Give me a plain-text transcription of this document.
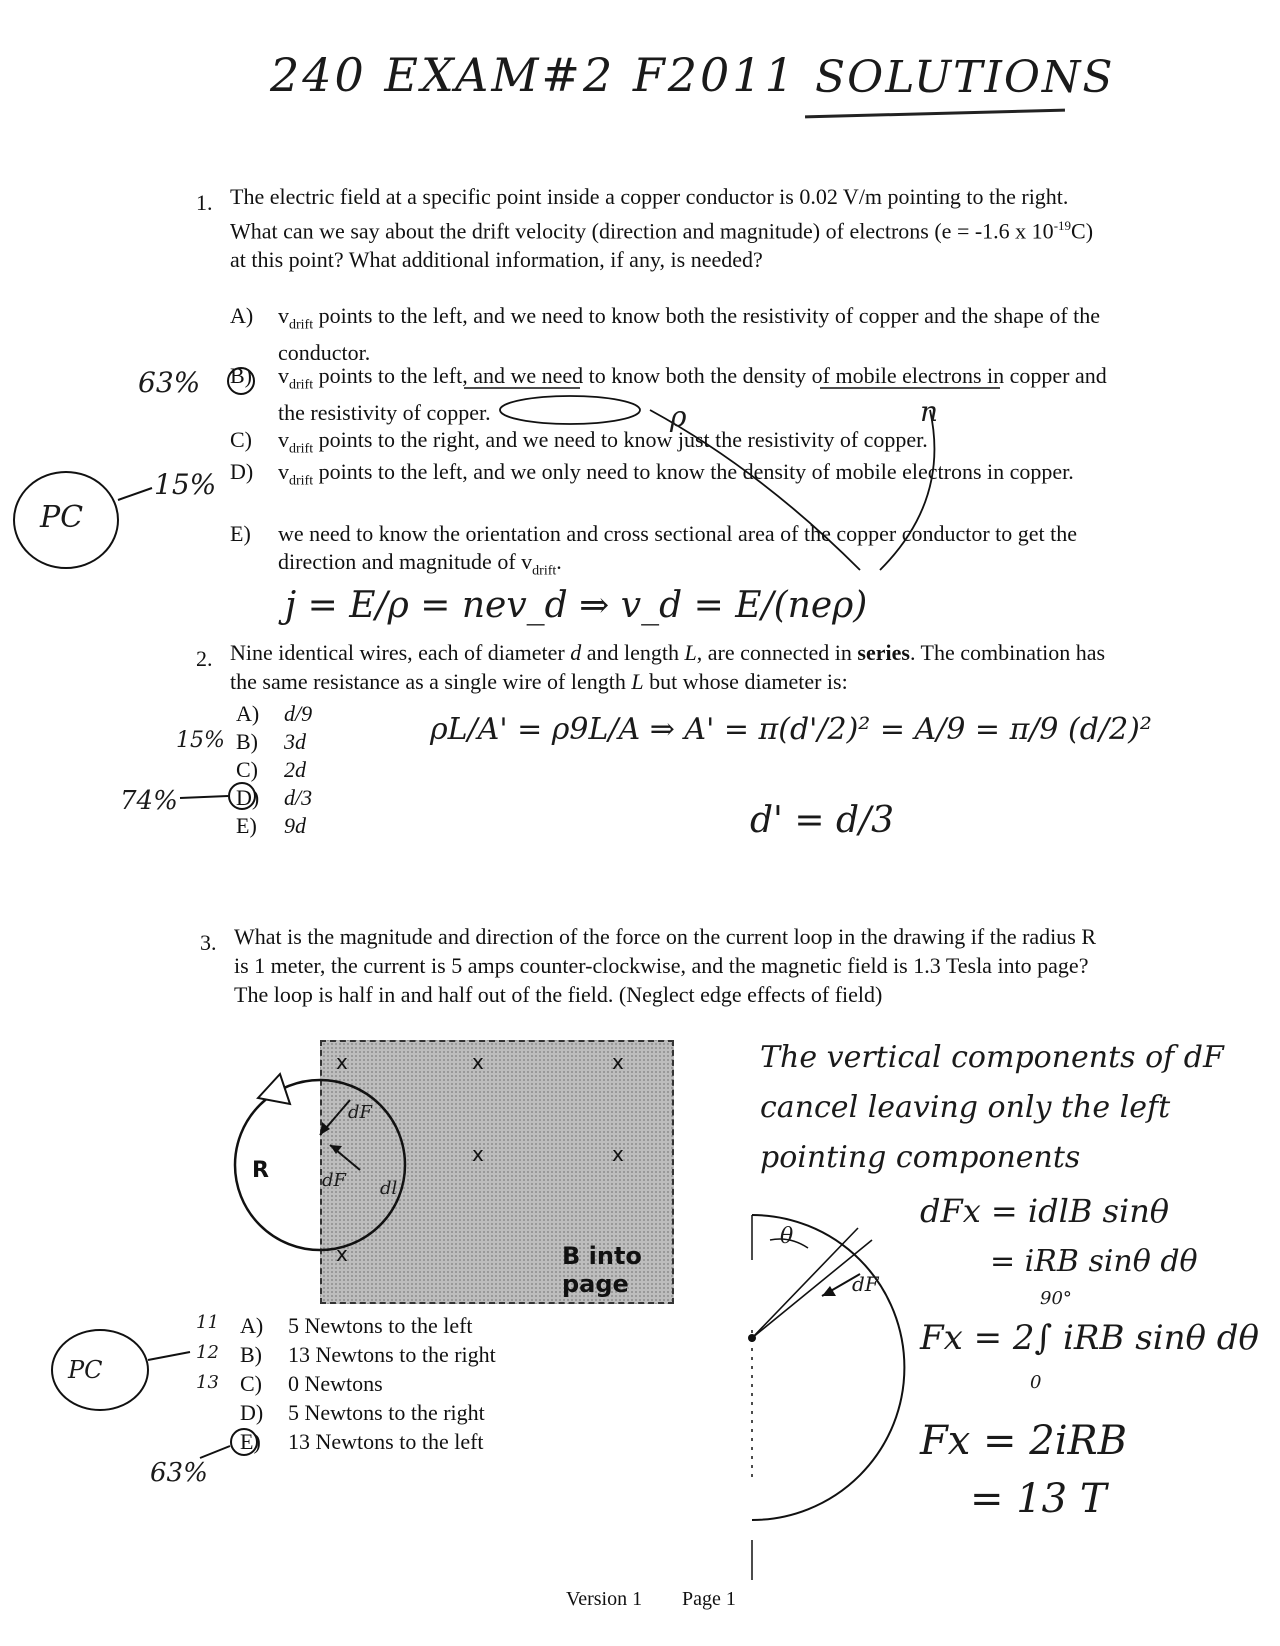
240 EXAM#2 F2011 SOLUTIONS
1. The electric field at a specific point inside a copper conductor is 0.02 V/m pointing to the right. What can we say about the drift velocity (direction and magnitude) of electrons (e = -1.6 x $10^{-19}C$) at this point? What additional information, if any, is needed?
A) $v_{drift}$ points to the left, and we need to know both the resistivity of copper and the shape of the conductor.
B) $v_{drift}$ points to the left, and we need to know both the density of mobile electrons in copper and the resistivity of copper.
C) $v_{drift}$ points to the right, and we need to know just the resistivity of copper.
D) $v_{drift}$ points to the left, and we only need to know the density of mobile electrons in copper.
E) we need to know the orientation and cross sectional area of the copper conductor to get the direction and magnitude of $v_{drift}$.
63%
15%
PC
ρ	n
j = E/ρ = nev_d ⇒ v_d = E/(neρ)
2. Nine identical wires, each of diameter d and length L, are connected in series. The combination has the same resistance as a single wire of length L but whose diameter is:
A) d/9
B) 3d
C) 2d
D) d/3
E) 9d
15%
74%
ρL/A' = ρ9L/A ⇒ A' = π(d'/2)² = A/9 = π/9 (d/2)²
d' = d/3
3. What is the magnitude and direction of the force on the current loop in the drawing if the radius R is 1 meter, the current is 5 amps counter-clockwise, and the magnetic field is 1.3 Tesla into page? The loop is half in and half out of the field. (Neglect edge effects of field)
x	x	x
x	x
x	B into page
R
dF
dF dl
A) 5 Newtons to the left
B) 13 Newtons to the right
C) 0 Newtons
D) 5 Newtons to the right
E) 13 Newtons to the left
11
12
13
63%
PC
θ
dF
The vertical components of dF
cancel leaving only the left
pointing components
dFx = idlB sinθ
= iRB sinθ dθ
90°
Fx = 2∫ iRB sinθ dθ
0
Fx = 2iRB
= 13 T
Version 1 Page 1
